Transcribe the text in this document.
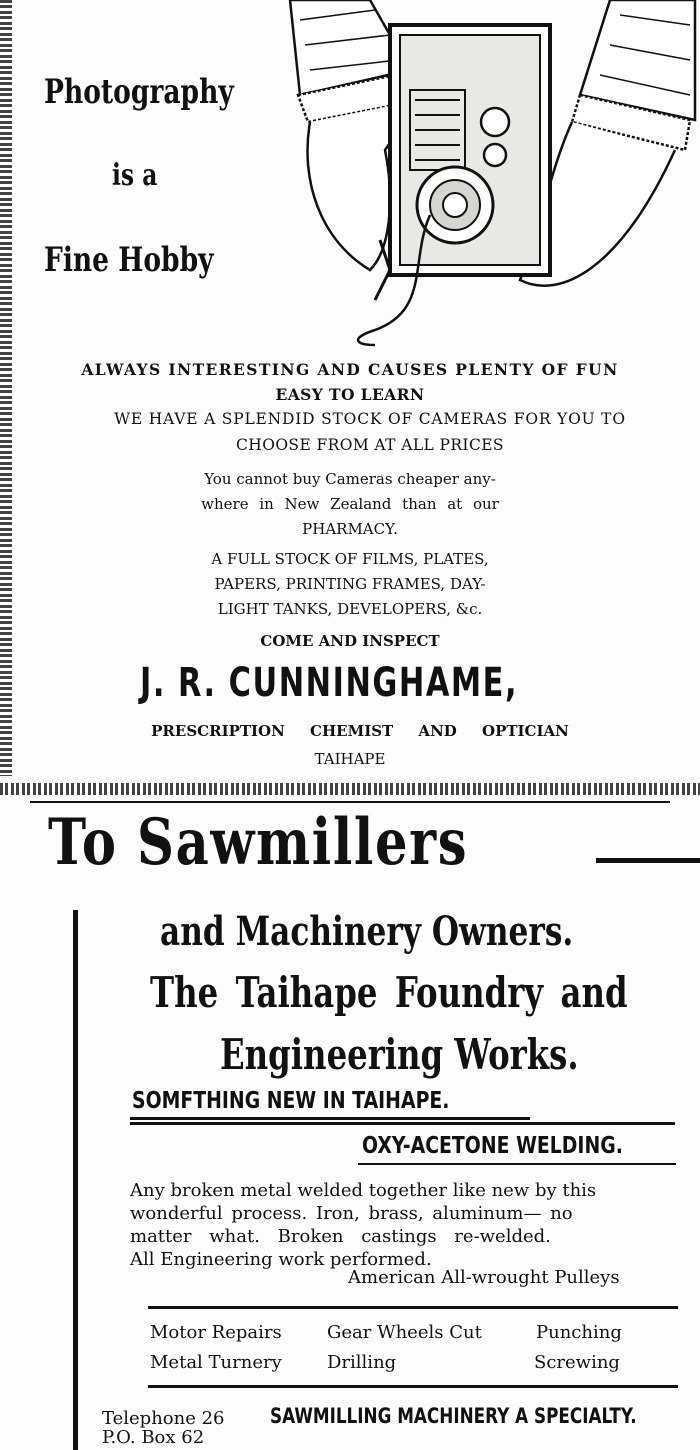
Photography
is a
Fine Hobby
ALWAYS INTERESTING AND CAUSES PLENTY OF FUN
EASY TO LEARN
WE HAVE A SPLENDID STOCK OF CAMERAS FOR YOU TO
CHOOSE FROM AT ALL PRICES
You cannot buy Cameras cheaper any-
where in New Zealand than at our
PHARMACY.
A FULL STOCK OF FILMS, PLATES,
PAPERS, PRINTING FRAMES, DAY-
LIGHT TANKS, DEVELOPERS, &c.
COME AND INSPECT
J. R. CUNNINGHAME,
PRESCRIPTION CHEMIST AND OPTICIAN
TAIHAPE
To Sawmillers
and Machinery Owners.
The Taihape Foundry and
Engineering Works.
SOMFTHING NEW IN TAIHAPE.
OXY-ACETONE WELDING.
Any broken metal welded together like new by this
wonderful process. Iron, brass, aluminum— no
matter what. Broken castings re-welded.
All Engineering work performed.
American All-wrought Pulleys
Motor Repairs	Gear Wheels Cut	Punching
Metal Turnery	Drilling	Screwing
Telephone 26
P.O. Box 62
SAWMILLING MACHINERY A SPECIALTY.
